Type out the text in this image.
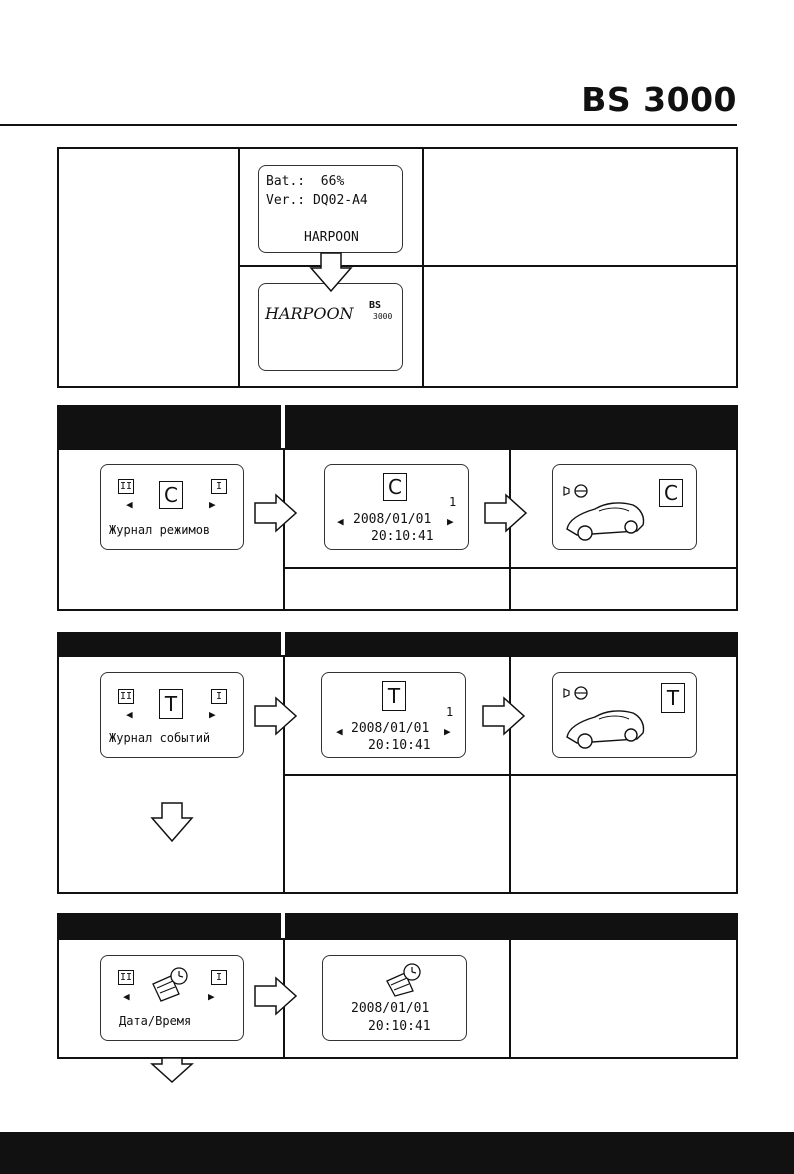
BS 3000
Bat.:  66%
Ver.: DQ02-A4
HARPOON
HARPOON BS
3000
II	I
◀	▶
C
Журнал режимов
C
1
◀	▶
2008/01/01
20:10:41
C
II	I
◀	▶
T
Журнал событий
T
1
◀	▶
2008/01/01
20:10:41
T
II	I
◀	▶
Дата/Время
2008/01/01
20:10:41
